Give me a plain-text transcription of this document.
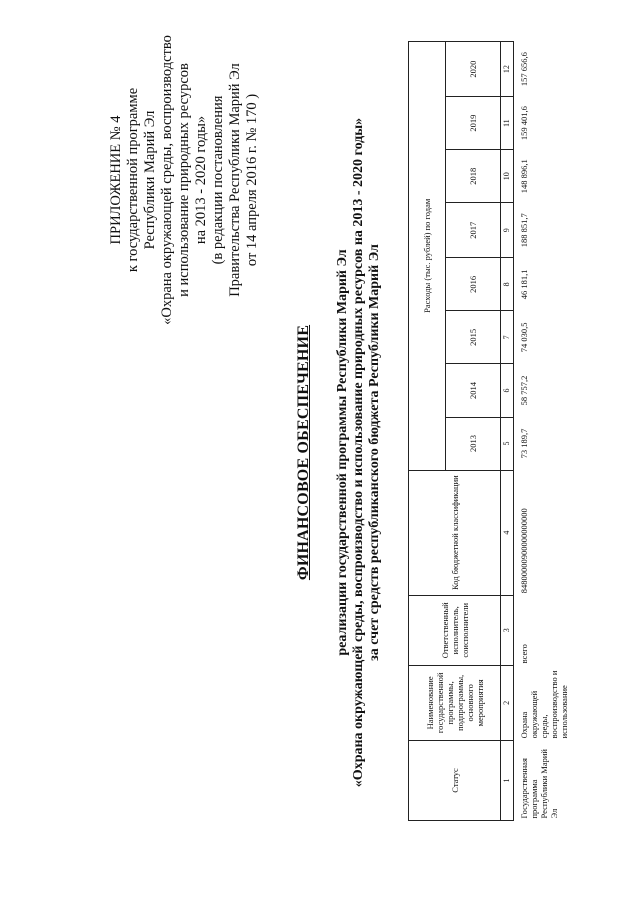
ПРИЛОЖЕНИЕ № 4 к государственной программе Республики Марий Эл «Охрана окружающей среды, воспроизводство и использование природных ресурсов на 2013 - 2020 годы» (в редакции постановления Правительства Республики Марий Эл от 14 апреля 2016 г. № 170 )
ФИНАНСОВОЕ ОБЕСПЕЧЕНИЕ реализации государственной программы Республики Марий Эл «Охрана окружающей среды, воспроизводство и использование природных ресурсов на 2013 - 2020 годы» за счет средств республиканского бюджета Республики Марий Эл
Статус	Наименование государственной программы, подпрограммы, основного мероприятия	Ответственный исполнитель, соисполнители	Код бюджетной классификации	Расходы (тыс. рублей) по годам							
				2013	2014	2015	2016	2017	2018	2019	2020
1	2	3	4	5	6	7	8	9	10	11	12
Государственная программа Республики Марий Эл	Охрана окружающей среды, воспроизводство и использование	всего	84800000900000000000	73 189,7	58 757,2	74 030,5	46 181,1	188 851,7	148 896,1	159 401,6	157 656,6
